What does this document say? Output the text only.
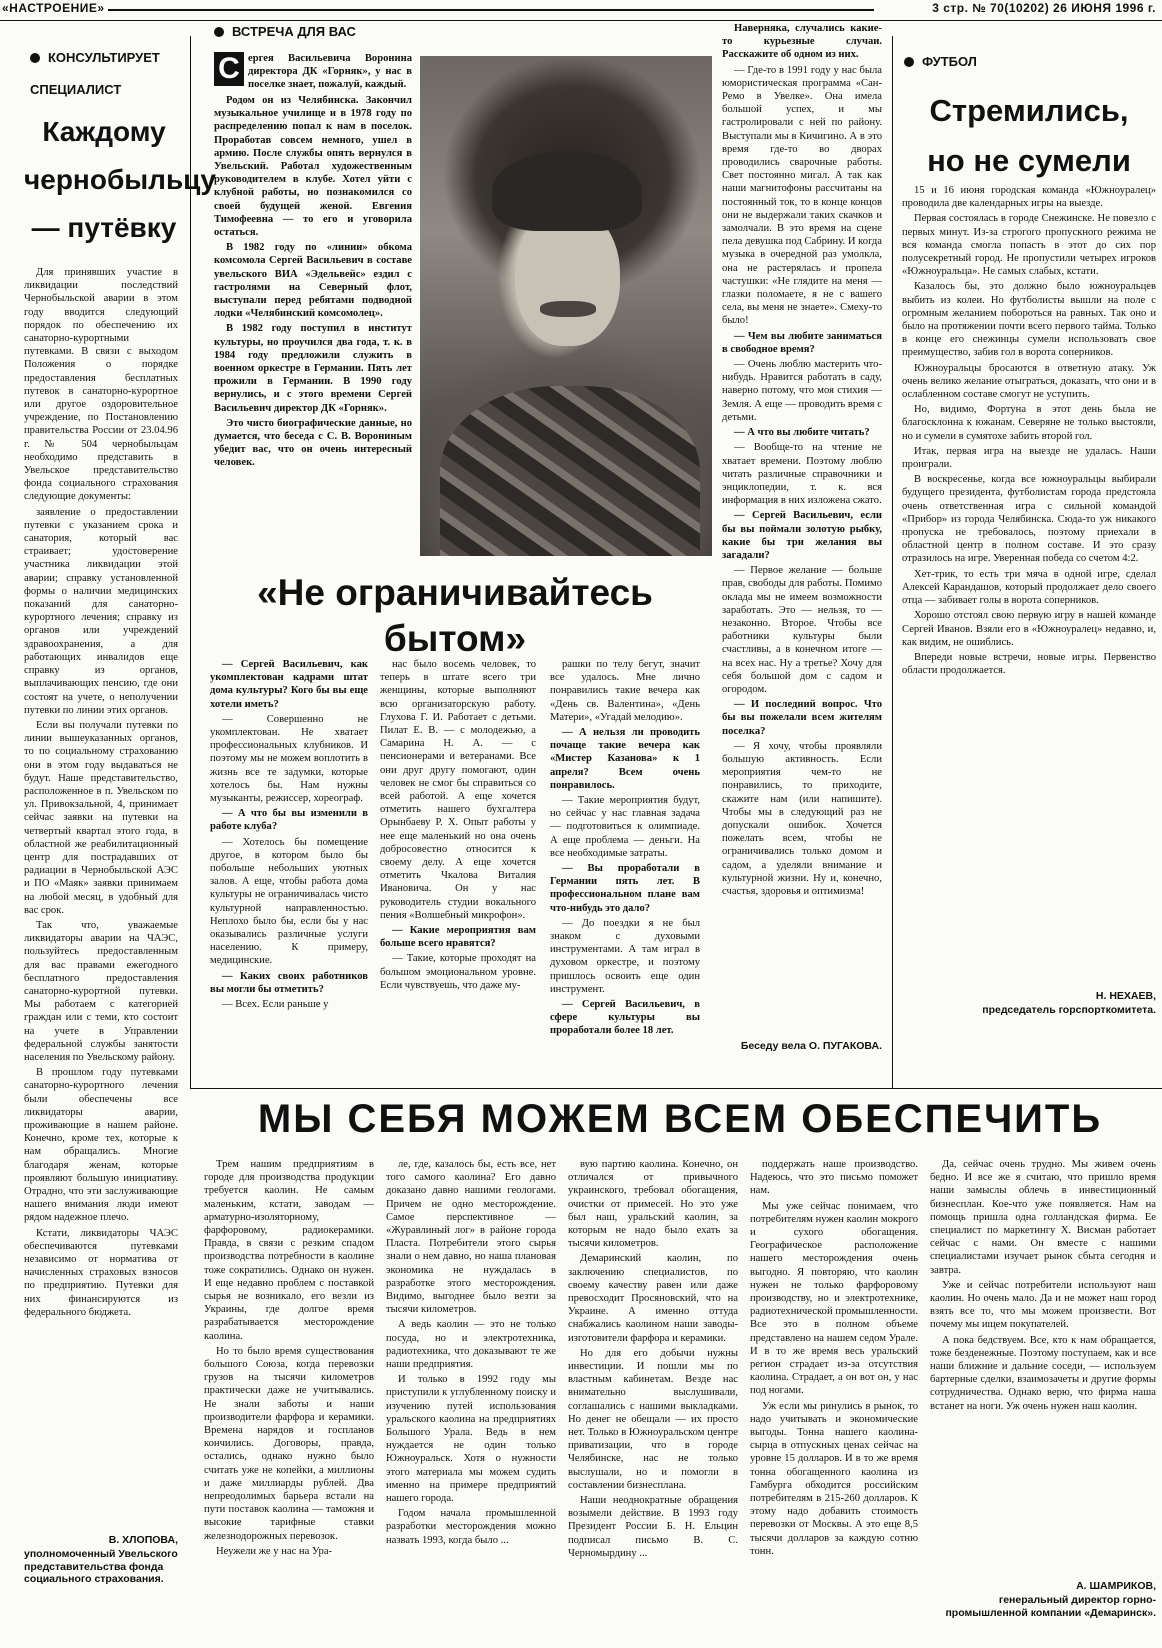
«НАСТРОЕНИЕ»	3 стр. № 70(10202) 26 ИЮНЯ 1996 г.
КОНСУЛЬТИРУЕТ
СПЕЦИАЛИСТ
Каждому чернобыльцу — путёвку

Для принявших участие в ликвидации последствий Чернобыльской аварии в этом году вводится следующий порядок по обеспечению их санаторно-курортными путевками. В связи с выходом Положения о порядке предоставления бесплатных путевок в санаторно-курортное или другое оздоровительное учреждение, по Постановлению правительства России от 23.04.96 г. № 504 чернобыльцам необходимо представить в Увельское представительство фонда социального страхования следующие документы:

заявление о предоставлении путевки с указанием срока и санатория, который вас страивает; удостоверение участника ликвидации этой аварии; справку установленной формы о наличии медицинских показаний для санаторно-курортного лечения; справку из органов или учреждений здравоохранения, а для работающих инвалидов еще справку из органов, выплачивающих пенсию, где они состоят на учете, о неполучении путевки по линии этих органов.

Если вы получали путевки по линии вышеуказанных органов, то по социальному страхованию они в этом году выдаваться не будут. Наше представительство, расположенное в п. Увельском по ул. Привокзальной, 4, принимает сейчас заявки на путевки на четвертый квартал этого года, в областной же реабилитационный центр для пострадавших от радиации в Чернобыльской АЭС и ПО «Маяк» заявки принимаем на любой месяц, в удобный для вас срок.

Так что, уважаемые ликвидаторы аварии на ЧАЭС, пользуйтесь предоставленным для вас правами ежегодного бесплатного предоставления санаторно-курортной путевки. Мы работаем с категорией граждан или с теми, кто состоит на учете в Управлении федеральной службы занятости населения по Увельскому району.

В прошлом году путевками санаторно-курортного лечения были обеспечены все ликвидаторы аварии, проживающие в нашем районе. Конечно, кроме тех, которые к нам обращались. Многие благодаря женам, которые проявляют большую инициативу. Отрадно, что эти заслуживающие нашего внимания люди имеют рядом надежное плечо.

Кстати, ликвидаторы ЧАЭС обеспечиваются путевками независимо от норматива от начисленных страховых взносов по предприятию. Путевки для них финансируются из федерального бюджета.

В. ХЛОПОВА,
уполномоченный Увельского представительства фонда социального страхования.
ВСТРЕЧА ДЛЯ ВАС
С ергея Васильевича Воронина директора ДК «Горняк», у нас в поселке знает, пожалуй, каждый.

Родом он из Челябинска. Закончил музыкальное училище и в 1978 году по распределению попал к нам в поселок. Проработав совсем немного, ушел в армию. После службы опять вернулся в Увельский. Работал художественным руководителем в клубе. Хотел уйти с клубной работы, но познакомился со своей будущей женой. Евгения Тимофеевна — то его и уговорила остаться.

В 1982 году по «линии» обкома комсомола Сергей Васильевич в составе увельского ВИА «Эдельвейс» ездил с гастролями на Северный флот, выступали перед ребятами подводной лодки «Челябинский комсомолец».

В 1982 году поступил в институт культуры, но проучился два года, т. к. в 1984 году предложили служить в военном оркестре в Германии. Пять лет прожили в Германии. В 1990 году вернулись, и с этого времени Сергей Васильевич директор ДК «Горняк».

Это чисто биографические данные, но думается, что беседа с С. В. Ворониным убедит вас, что он очень интересный человек.

«Не ограничивайтесь
бытом»

— Сергей Васильевич, как укомплектован кадрами штат дома культуры? Кого бы вы еще хотели иметь?

— Совершенно не укомплектован. Не хватает профессиональных клубников. И поэтому мы не можем воплотить в жизнь все те задумки, которые хотелось бы. Нам нужны музыканты, режиссер, хореограф.

— А что бы вы изменили в работе клуба?

— Хотелось бы помещение другое, в котором было бы побольше небольших уютных залов. А еще, чтобы работа дома культуры не ограничивалась чисто культурной направленностью. Неплохо было бы, если бы у нас оказывались различные услуги населению. К примеру, медицинские.

— Каких своих работников вы могли бы отметить?

— Всех. Если раньше у

нас было восемь человек, то теперь в штате всего три женщины, которые выполняют всю организаторскую работу. Глухова Г. И. Работает с детьми. Пилат Е. В. — с молодежью, а Самарина Н. А. — с пенсионерами и ветеранами. Все они друг другу помогают, один человек не смог бы справиться со всей работой. А еще хочется отметить нашего бухгалтера Орынбаеву Р. Х. Опыт работы у нее еще маленький но она очень добросовестно относится к своему делу. А еще хочется отметить Чкалова Виталия Ивановича. Он у нас руководитель студии вокального пения «Волшебный микрофон».

— Какие мероприятия вам больше всего нравятся?

— Такие, которые проходят на большом эмоциональном уровне. Если чувствуешь, что даже му-

рашки по телу бегут, значит все удалось. Мне лично понравились такие вечера как «День св. Валентина», «День Матери», «Угадай мелодию».

— А нельзя ли проводить почаще такие вечера как «Мистер Казанова» к 1 апреля? Всем очень понравилось.

— Такие мероприятия будут, но сейчас у нас главная задача — подготовиться к олимпиаде. А еще проблема — деньги. На все необходимые затраты.

— Вы проработали в Германии пять лет. В профессиональном плане вам что-нибудь это дало?

— До поездки я не был знаком с духовыми инструментами. А там играл в духовом оркестре, и поэтому пришлось освоить еще один инструмент.

— Сергей Васильевич, в сфере культуры вы проработали более 18 лет.

Наверняка, случались какие-то курьезные случаи. Расскажите об одном из них.

— Где-то в 1991 году у нас была юмористическая программа «Сан-Ремо в Увелке». Она имела большой успех, и мы гастролировали с ней по району. Выступали мы в Кичигино. А в это время где-то во дворах проводились сварочные работы. Свет постоянно мигал. А так как наши магнитофоны рассчитаны на постоянный ток, то в конце концов они не выдержали таких скачков и замолчали. В это время на сцене пела девушка под Сабрину. И когда музыка в очередной раз умолкла, она не растерялась и пропела частушки: «Не глядите на меня — глазки поломаете, я не с вашего села, вы меня не знаете». Смеху-то было!

— Чем вы любите заниматься в свободное время?

— Очень люблю мастерить что-нибудь. Нравится работать в саду, наверно потому, что моя стихия — Земля. А еще — проводить время с детьми.

— А что вы любите читать?

— Вообще-то на чтение не хватает времени. Поэтому люблю читать различные справочники и энциклопедии, т. к. вся информация в них изложена сжато.

— Сергей Васильевич, если бы вы поймали золотую рыбку, какие бы три желания вы загадали?

— Первое желание — больше прав, свободы для работы. Помимо оклада мы не имеем возможности заработать. Это — нельзя, то — незаконно. Второе. Чтобы все работники культуры были счастливы, а в конечном итоге — на всех нас. Ну а третье? Хочу для себя большой дом с садом и огородом.

— И последний вопрос. Что бы вы пожелали всем жителям поселка?

— Я хочу, чтобы проявляли большую активность. Если мероприятия чем-то не понравились, то приходите, скажите нам (или напишите). Чтобы мы в следующий раз не допускали ошибок. Хочется пожелать всем, чтобы не ограничивались только домом и садом, а уделяли внимание и культурной жизни. Ну и, конечно, счастья, здоровья и оптимизма!

Беседу вела О. ПУГАКОВА.
ФУТБОЛ
Стремились,
но не сумели

15 и 16 июня городская команда «Южноуралец» проводила две календарных игры на выезде.

Первая состоялась в городе Снежинске. Не повезло с первых минут. Из-за строгого пропускного режима не вся команда смогла попасть в этот до сих пор полусекретный город. Не пропустили четырех игроков «Южноуральца». Не самых слабых, кстати.

Казалось бы, это должно было южноуральцев выбить из колеи. Но футболисты вышли на поле с огромным желанием побороться на равных. Так оно и было на протяжении почти всего первого тайма. Только в конце его снежинцы сумели использовать свое преимущество, забив гол в ворота соперников.

Южноуральцы бросаются в ответную атаку. Уж очень велико желание отыграться, доказать, что они и в ослабленном составе смогут не уступить.

Но, видимо, Фортуна в этот день была не благосклонна к южанам. Северяне не только выстояли, но и сумели в сумятохе забить второй гол.

Итак, первая игра на выезде не удалась. Наши проиграли.

В воскресенье, когда все южноуральцы выбирали будущего президента, футболистам города предстояла очень ответственная игра с сильной командой «Прибор» из города Челябинска. Сюда-то уж никакого пропуска не требовалось, поэтому приехали в областной центр в полном составе. И это сразу отразилось на игре. Уверенная победа со счетом 4:2.

Хет-трик, то есть три мяча в одной игре, сделал Алексей Карандашов, который продолжает дело своего отца — забивает голы в ворота соперников.

Хорошо отстоял свою первую игру в нашей команде Сергей Иванов. Взяли его в «Южноуралец» недавно, и, как видим, не ошиблись.

Впереди новые встречи, новые игры. Первенство области продолжается.

Н. НЕХАЕВ,
председатель горспорткомитета.
МЫ СЕБЯ МОЖЕМ ВСЕМ ОБЕСПЕЧИТЬ

Трем нашим предприятиям в городе для производства продукции требуется каолин. Не самым маленьким, кстати, заводам — арматурно-изоляторному, фарфоровому, радиокерамики. Правда, в связи с резким спадом производства потребности в каолине тоже сократились. Однако он нужен. И еще недавно проблем с поставкой сырья не возникало, его везли из Украины, где долгое время разрабатывается месторождение каолина.

Но то было время существования большого Союза, когда перевозки грузов на тысячи километров практически даже не учитывались. Не знали заботы и наши производители фарфора и керамики. Времена нарядов и госпланов кончились. Договоры, правда, остались, однако нужно было считать уже не копейки, а миллионы и даже миллиарды рублей. Два непреодолимых барьера встали на пути поставок каолина — таможня и высокие тарифные ставки железнодорожных перевозок.

Неужели же у нас на Ура-

ле, где, казалось бы, есть все, нет того самого каолина? Его давно доказано давно нашими геологами. Причем не одно месторождение. Самое перспективное — «Журавлиный лог» в районе города Пласта. Потребители этого сырья знали о нем давно, но наша плановая экономика не нуждалась в разработке этого месторождения. Видимо, выгоднее было везти за тысячи километров.

А ведь каолин — это не только посуда, но и электротехника, радиотехника, что доказывают те же наши предприятия.

И только в 1992 году мы приступили к углубленному поиску и изучению путей использования уральского каолина на предприятиях Большого Урала. Ведь в нем нуждается не один только Южноуральск. Хотя о нужности этого материала мы можем судить именно на примере предприятий нашего города.

Годом начала промышленной разработки месторождения можно назвать 1993, когда было ...

вую партию каолина. Конечно, он отличался от привычного украинского, требовал обогащения, очистки от примесей. Но это уже был наш, уральский каолин, за которым не надо было ехать за тысячи километров.

Демаринский каолин, по заключению специалистов, по своему качеству равен или даже превосходит Просяновский, что на Украине. А именно оттуда снабжались каолином наши заводы-изготовители фарфора и керамики.

Но для его добычи нужны инвестиции. И пошли мы по властным кабинетам. Везде нас внимательно выслушивали, соглашались с нашими выкладками. Но денег не обещали — их просто нет. Только в Южноуральском центре приватизации, что в городе Челябинске, нас не только выслушали, но и помогли в составлении бизнесплана.

Наши неоднократные обращения возымели действие. В 1993 году Президент России Б. Н. Ельцин подписал письмо В. С. Черномырдину ...

поддержать наше производство. Надеюсь, что это письмо поможет нам.

Мы уже сейчас понимаем, что потребителям нужен каолин мокрого и сухого обогащения. Географическое расположение нашего месторождения очень выгодно. Я повторяю, что каолин нужен не только фарфоровому производству, но и электротехнике, радиотехнической промышленности. Все это в полном объеме представлено на нашем седом Урале. И в то же время весь уральский регион страдает из-за отсутствия каолина. Страдает, а он вот он, у нас под ногами.

Уж если мы ринулись в рынок, то надо учитывать и экономические выгоды. Тонна нашего каолина-сырца в отпускных ценах сейчас на уровне 15 долларов. И в то же время тонна обогащенного каолина из Гамбурга обходится российским потребителям в 215-260 долларов. К этому надо добавить стоимость перевозки от Москвы. А это еще 8,5 тысячи долларов за каждую сотню тонн.

Да, сейчас очень трудно. Мы живем очень бедно. И все же я считаю, что пришло время наши замыслы облечь в инвестиционный бизнесплан. Кое-что уже появляется. Нам на помощь пришла одна голландская фирма. Ее специалист по маркетингу Х. Висман работает сейчас с нами. Он вместе с нашими специалистами изучает рынок сбыта сегодня и завтра.

Уже и сейчас потребители используют наш каолин. Но очень мало. Да и не может наш город взять все то, что мы можем произвести. Вот почему мы ищем покупателей.

А пока бедствуем. Все, кто к нам обращается, тоже безденежные. Поэтому поступаем, как и все наши ближние и дальние соседи, — используем бартерные сделки, взаимозачеты и другие формы сотрудничества. Однако верю, что фирма наша встанет на ноги. Уж очень нужен наш каолин.

А. ШАМРИКОВ,
генеральный директор горно-промышленной компании «Демаринск».
